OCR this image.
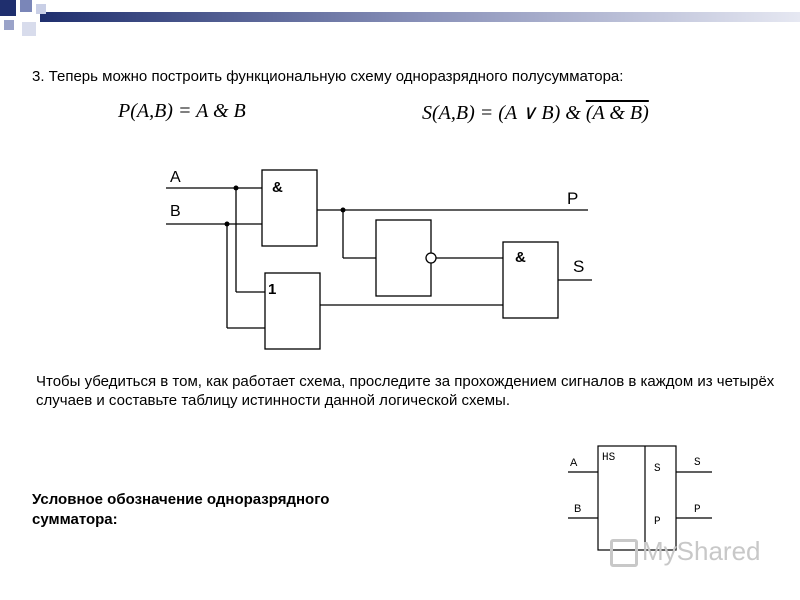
3. Теперь можно построить функциональную схему одноразрядного полусумматора:
P(A,B) = A & B	S(A,B) = (A ∨ B) & (A & B)
A
B
P
S
&
1
&
Чтобы убедиться в том, как работает схема, проследите за прохождением сигналов в каждом из четырёх случаев и составьте таблицу истинности данной логической схемы.
Условное обозначение одноразрядного сумматора:
HS
A
B
S
P
S
P
MyShared
